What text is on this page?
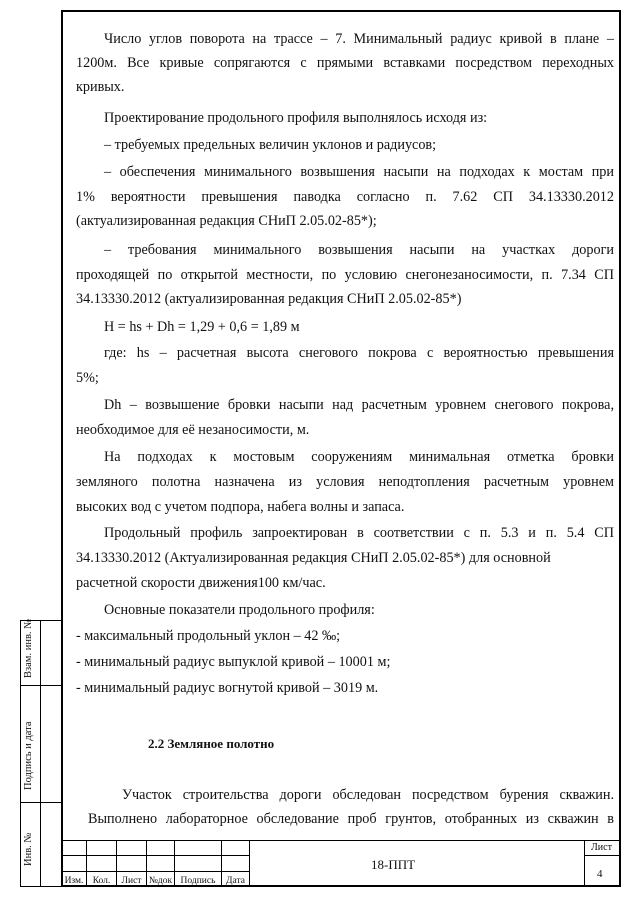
Число углов поворота на трассе – 7. Минимальный радиус кривой в плане –
1200м. Все кривые сопрягаются с прямыми вставками посредством переходных
кривых.
Проектирование продольного профиля выполнялось исходя из:
– требуемых предельных величин уклонов и радиусов;
– обеспечения минимального возвышения насыпи на подходах к мостам при
1% вероятности превышения паводка согласно п. 7.62 СП 34.13330.2012
(актуализированная редакция СНиП 2.05.02-85*);
– требования минимального возвышения насыпи на участках дороги
проходящей по открытой местности, по условию снегонезаносимости, п. 7.34 СП
34.13330.2012 (актуализированная редакция СНиП 2.05.02-85*)
Н = hs + Dh = 1,29 + 0,6 = 1,89 м
где: hs – расчетная высота снегового покрова с вероятностью превышения
5%;
Dh – возвышение бровки насыпи над расчетным уровнем снегового покрова,
необходимое для её незаносимости, м.
На подходах к мостовым сооружениям минимальная отметка бровки
земляного полотна назначена из условия неподтопления расчетным уровнем
высоких вод с учетом подпора, набега волны и запаса.
Продольный профиль запроектирован в соответствии с п. 5.3 и п. 5.4 СП
34.13330.2012 (Актуализированная редакция СНиП 2.05.02-85*) для основной
расчетной скорости движения100 км/час.
Основные показатели продольного профиля:
- максимальный продольный уклон – 42 ‰;
- минимальный радиус выпуклой кривой – 10001 м;
- минимальный радиус вогнутой кривой – 3019 м.
2.2 Земляное полотно
Участок строительства дороги обследован посредством бурения скважин.
Выполнено лабораторное обследование проб грунтов, отобранных из скважин в
Взам. инв. №
Подпись и дата
Инв. №
Изм. Кол.	Лист №док Подпись	Дата
18-ППТ
Лист
4
